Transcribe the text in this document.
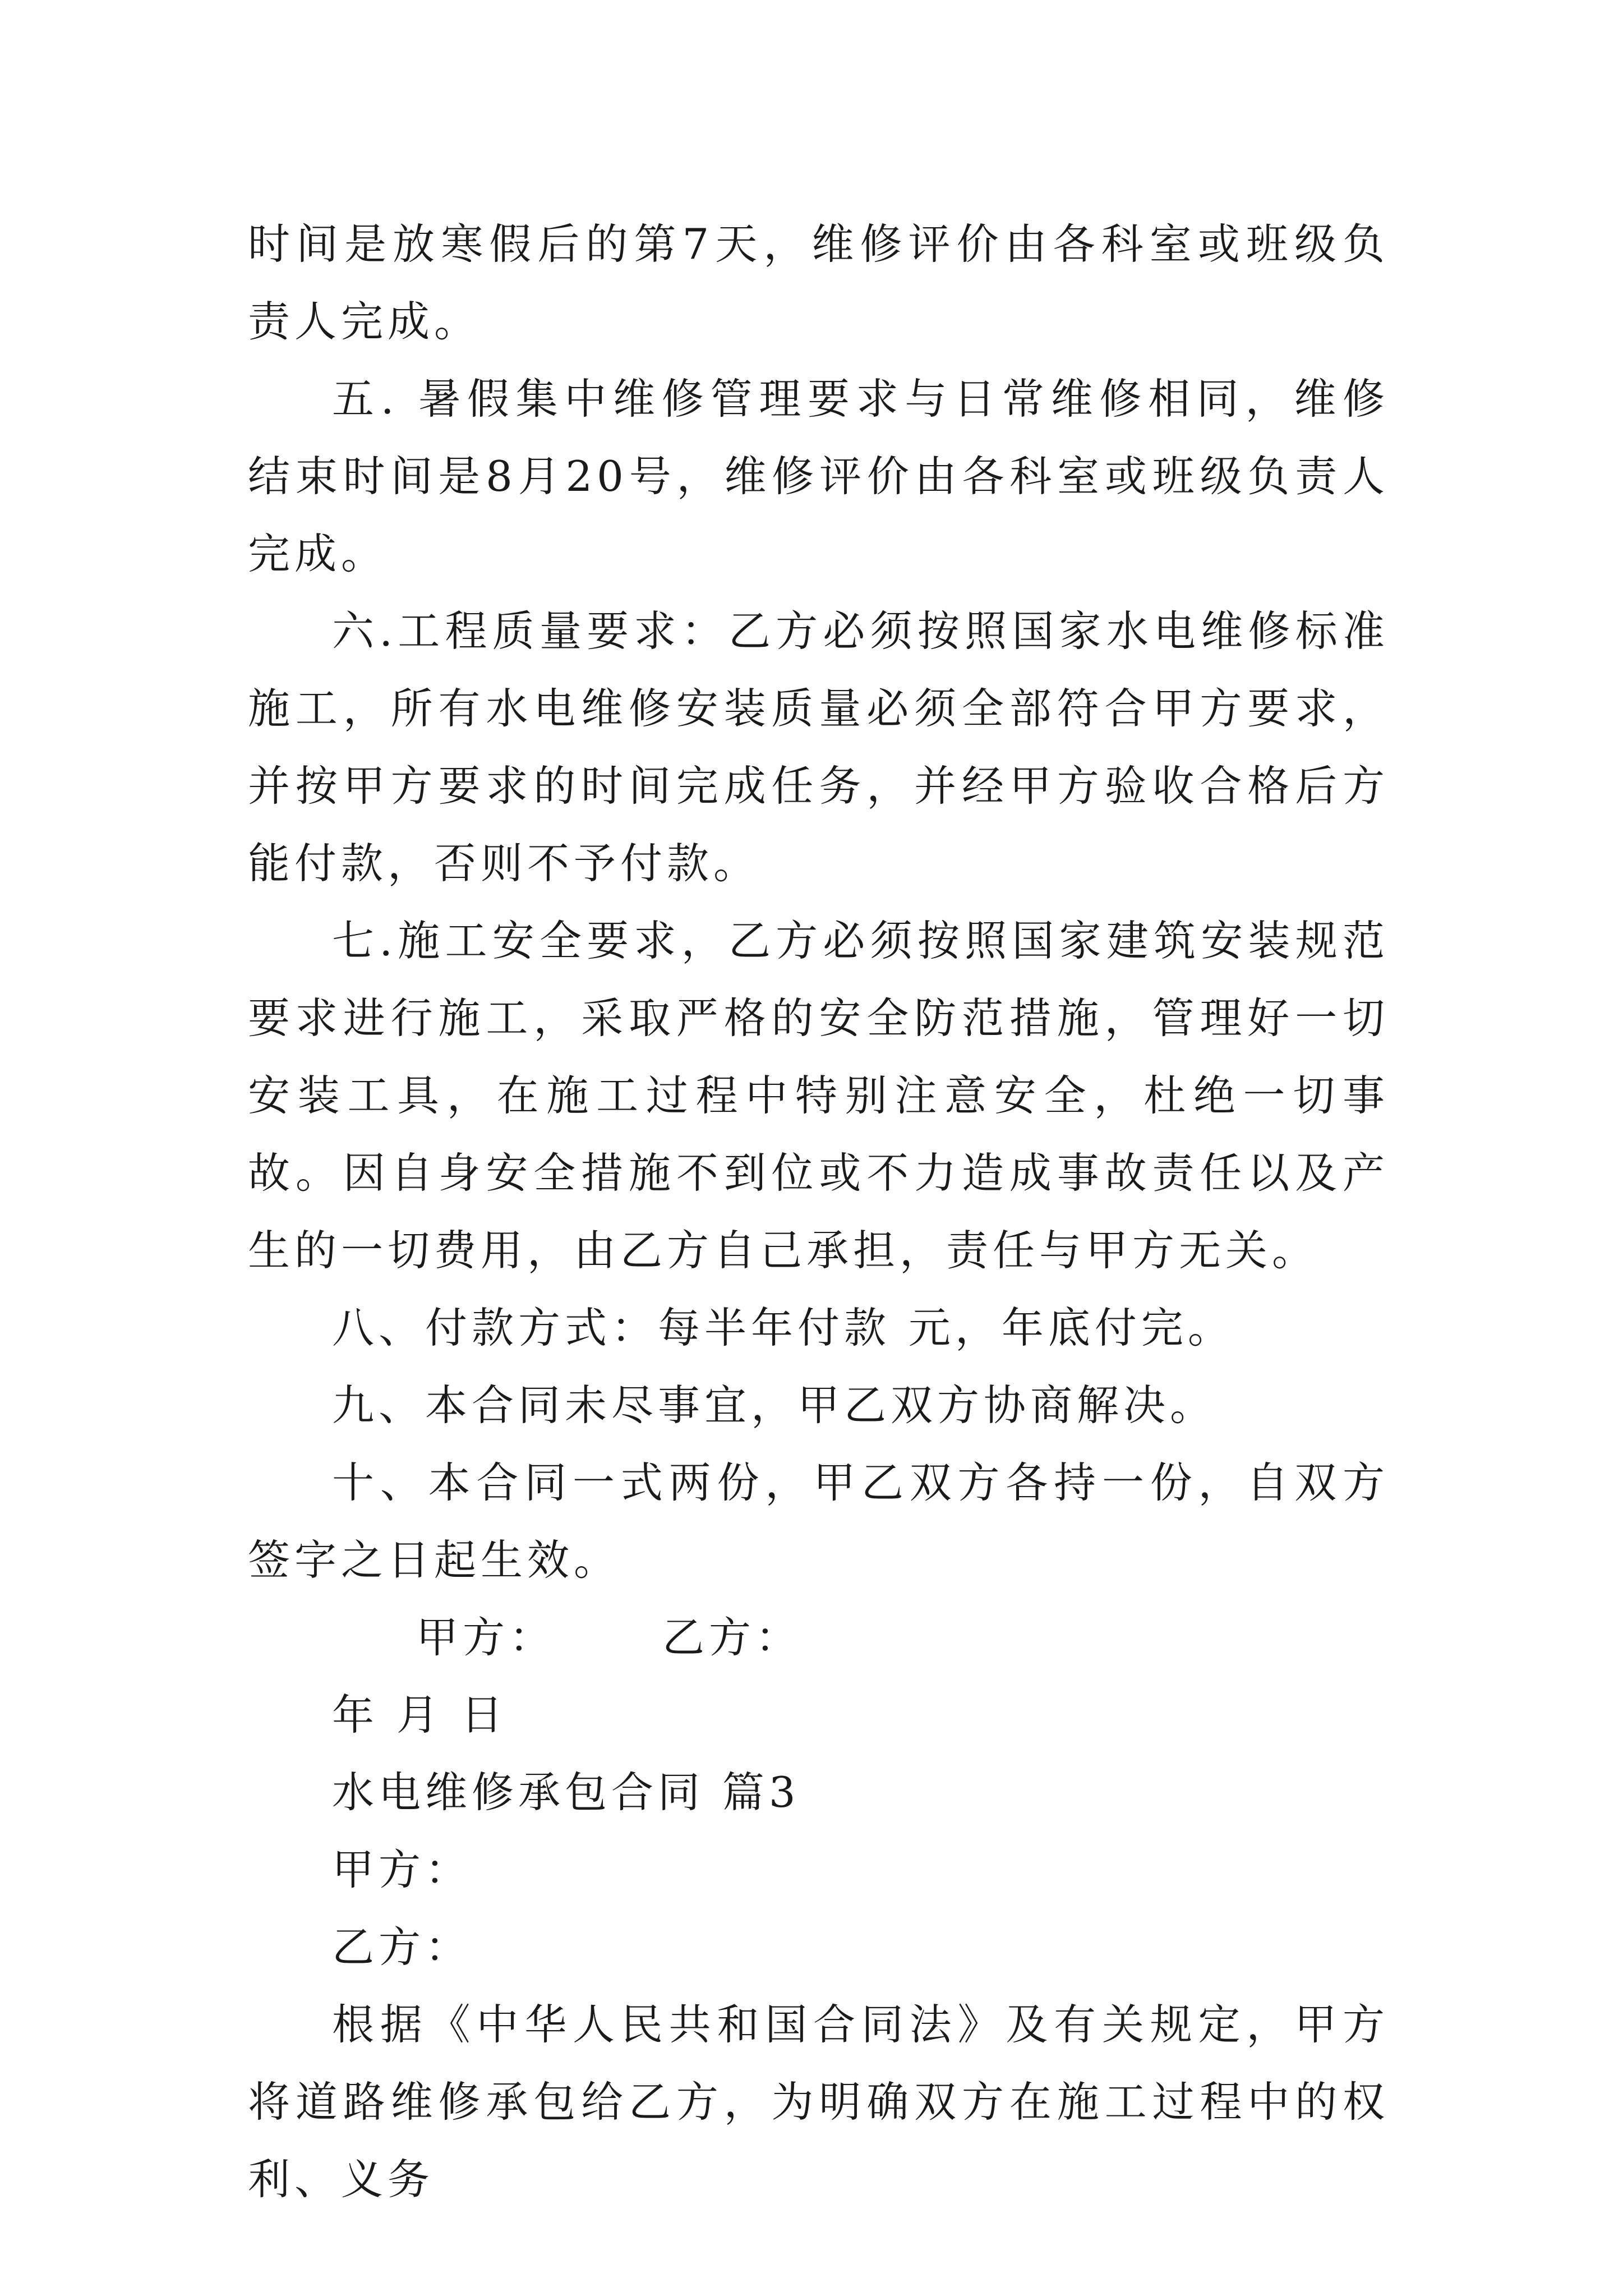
时间是放寒假后的第7天，维修评价由各科室或班级负责人完成。

五. 暑假集中维修管理要求与日常维修相同，维修结束时间是8月20号，维修评价由各科室或班级负责人完成。

六.工程质量要求：乙方必须按照国家水电维修标准施工，所有水电维修安装质量必须全部符合甲方要求，并按甲方要求的时间完成任务，并经甲方验收合格后方能付款，否则不予付款。

七.施工安全要求，乙方必须按照国家建筑安装规范要求进行施工，采取严格的安全防范措施，管理好一切安装工具，在施工过程中特别注意安全，杜绝一切事故。因自身安全措施不到位或不力造成事故责任以及产生的一切费用，由乙方自己承担，责任与甲方无关。

八、付款方式：每半年付款 元，年底付完。

九、本合同未尽事宜，甲乙双方协商解决。

十、本合同一式两份，甲乙双方各持一份，自双方签字之日起生效。

甲方：	乙方：

年 月 日

水电维修承包合同 篇3

甲方：

乙方：

根据《中华人民共和国合同法》及有关规定，甲方将道路维修承包给乙方，为明确双方在施工过程中的权利、义务
